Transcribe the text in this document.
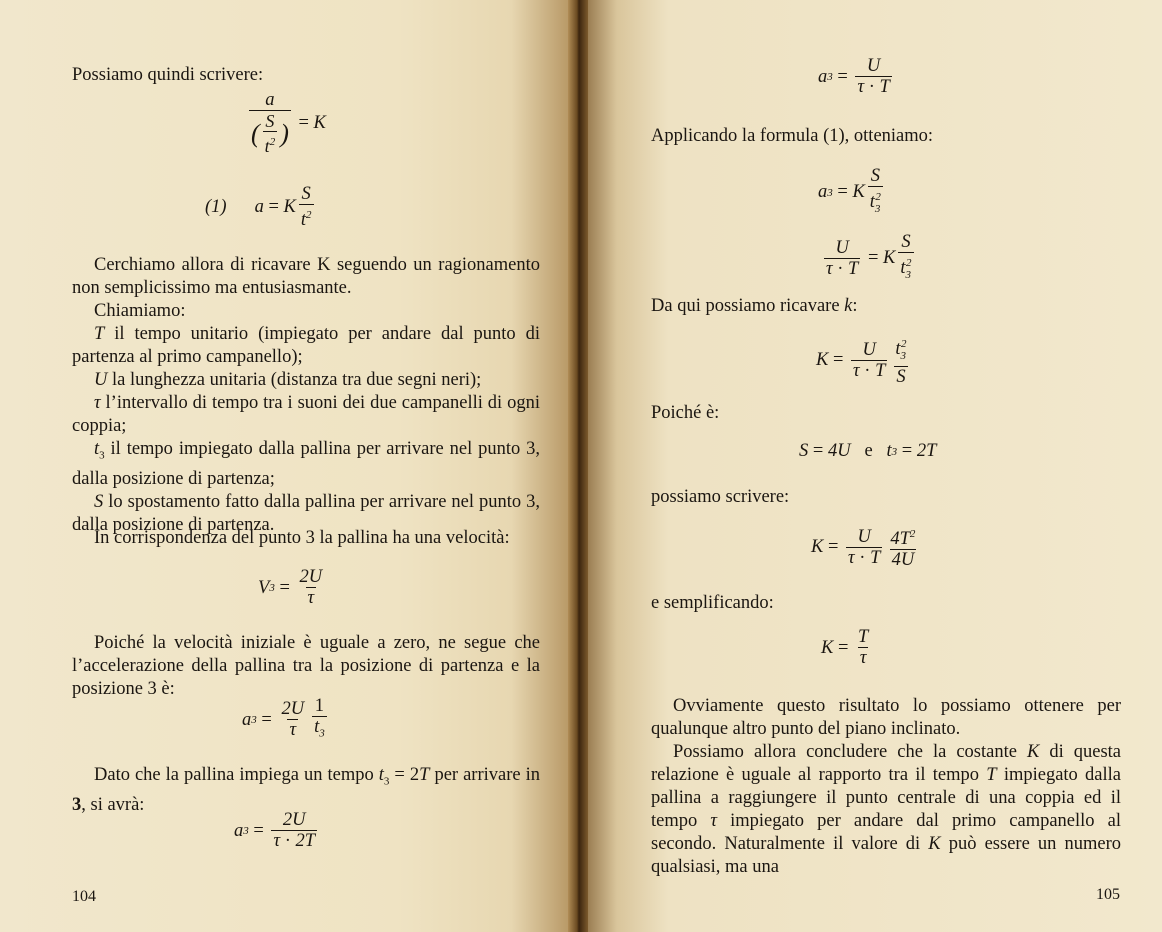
Possiamo quindi scrivere:
$\frac{a}{( \frac{S}{t^2} )} = K$
(1) a = K $\frac{S}{t^2}$

Cerchiamo allora di ricavare K seguendo un ragionamento non semplicissimo ma entusiasmante.

Chiamiamo:

T il tempo unitario (impiegato per andare dal punto di partenza al primo campanello);

U la lunghezza unitaria (distanza tra due segni neri);

τ l’intervallo di tempo tra i suoni dei due campanelli di ogni coppia;

$t_3$ il tempo impiegato dalla pallina per arrivare nel punto 3, dalla posizione di partenza;

S lo spostamento fatto dalla pallina per arrivare nel punto 3, dalla posizione di partenza.

In corrispondenza del punto 3 la pallina ha una velocità:

V $3 = \frac{2U}{\tau}$

Poiché la velocità iniziale è uguale a zero, ne segue che l’accelerazione della pallina tra la posizione di partenza e la posizione 3 è:

a $3 = \frac{2U}{\tau} \frac{1}{t_3}$

Dato che la pallina impiega un tempo $t_3 = 2T$ per arrivare in 3, si avrà:

a $3 = \frac{2U}{\tau \cdot 2T}$
104
a $3 = \frac{U}{\tau \cdot T}$
Applicando la formula (1), otteniamo:
a 3 = K $\frac{S}{t_3^2}$
$\frac{U}{\tau \cdot T} = K \frac{S}{t_3^2}$
Da qui possiamo ricavare k:
$K = \frac{U}{\tau \cdot T} \frac{t_3^2}{S}$
Poiché è:
S = 4U e t 3 = 2T
possiamo scrivere:
$K = \frac{U}{\tau \cdot T} \frac{4T^2}{4U}$
e semplificando:
$K = \frac{T}{\tau}$

Ovviamente questo risultato lo possiamo ottenere per qualunque altro punto del piano inclinato.

Possiamo allora concludere che la costante K di questa relazione è uguale al rapporto tra il tempo T impiegato dalla pallina a raggiungere il punto centrale di una coppia ed il tempo τ impiegato per andare dal primo campanello al secondo. Naturalmente il valore di K può essere un numero qualsiasi, ma una

105
